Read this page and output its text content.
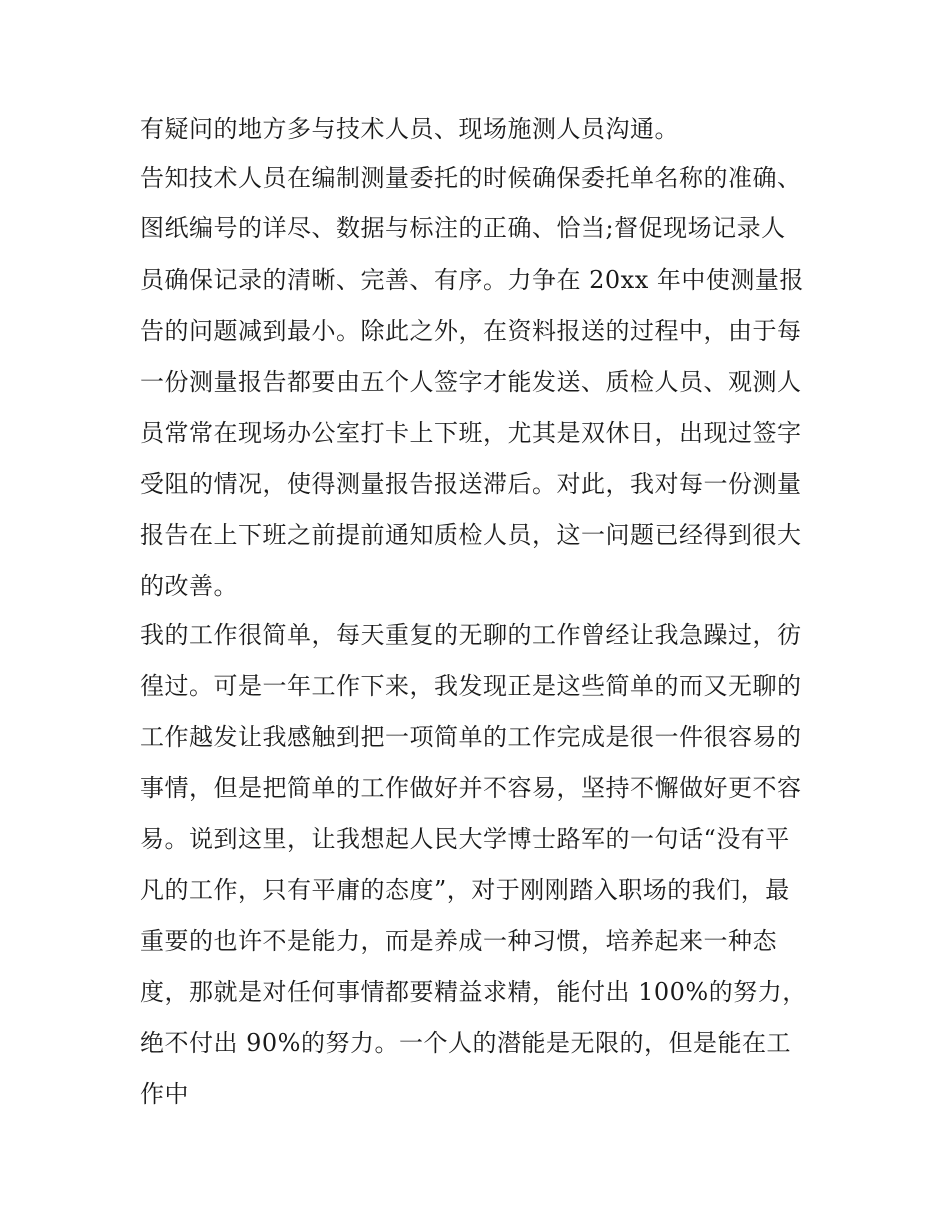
有疑问的地方多与技术人员、现场施测人员沟通。
告知技术人员在编制测量委托的时候确保委托单名称的准确、
图纸编号的详尽、数据与标注的正确、恰当;督促现场记录人
员确保记录的清晰、完善、有序。力争在 20xx 年中使测量报
告的问题减到最小。除此之外，在资料报送的过程中，由于每
一份测量报告都要由五个人签字才能发送、质检人员、观测人
员常常在现场办公室打卡上下班，尤其是双休日，出现过签字
受阻的情况，使得测量报告报送滞后。对此，我对每一份测量
报告在上下班之前提前通知质检人员，这一问题已经得到很大
的改善。
我的工作很简单，每天重复的无聊的工作曾经让我急躁过，彷
徨过。可是一年工作下来，我发现正是这些简单的而又无聊的
工作越发让我感触到把一项简单的工作完成是很一件很容易的
事情，但是把简单的工作做好并不容易，坚持不懈做好更不容
易。说到这里，让我想起人民大学博士路军的一句话“没有平
凡的工作，只有平庸的态度”，对于刚刚踏入职场的我们，最
重要的也许不是能力，而是养成一种习惯，培养起来一种态
度，那就是对任何事情都要精益求精，能付出 100%的努力，
绝不付出 90%的努力。一个人的潜能是无限的，但是能在工
作中
